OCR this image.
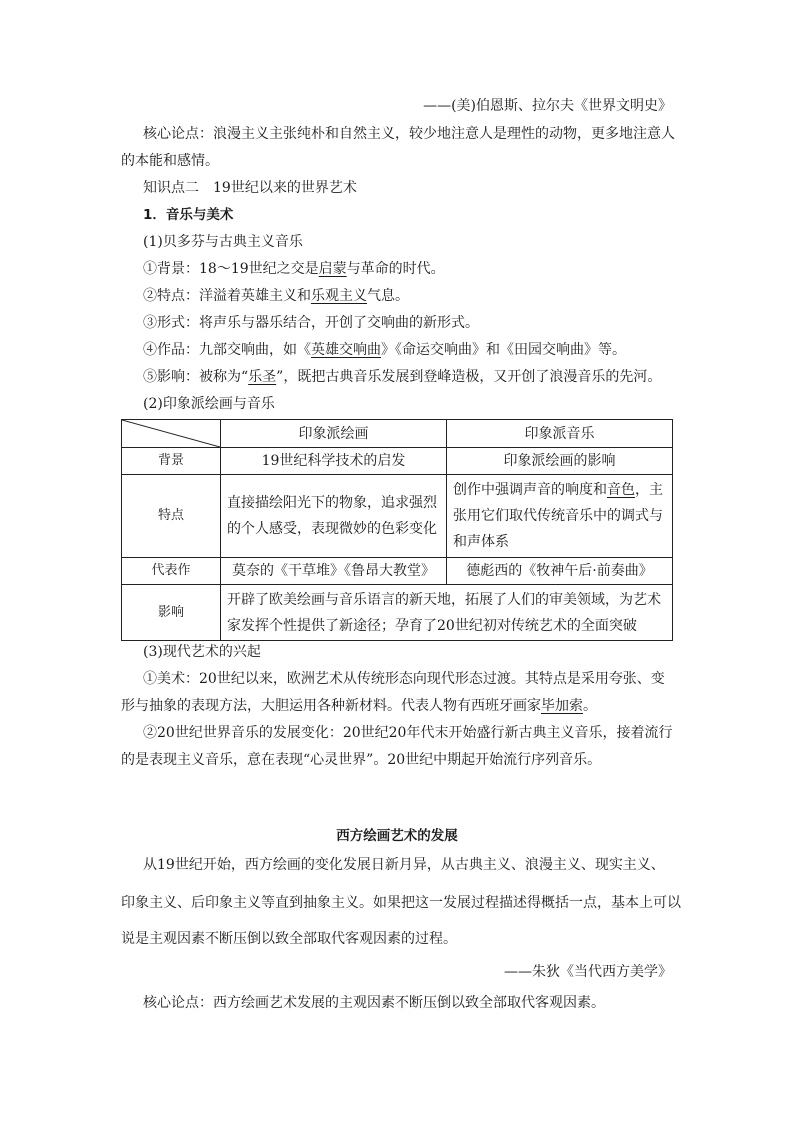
——(美)伯恩斯、拉尔夫《世界文明史》
核心论点：浪漫主义主张纯朴和自然主义，较少地注意人是理性的动物，更多地注意人
的本能和感情。
知识点二　19世纪以来的世界艺术
1．音乐与美术
(1)贝多芬与古典主义音乐
①背景：18～19世纪之交是启蒙与革命的时代。
②特点：洋溢着英雄主义和乐观主义气息。
③形式：将声乐与器乐结合，开创了交响曲的新形式。
④作品：九部交响曲，如《英雄交响曲》《命运交响曲》和《田园交响曲》等。
⑤影响：被称为“乐圣”，既把古典音乐发展到登峰造极，又开创了浪漫音乐的先河。
(2)印象派绘画与音乐
	印象派绘画	印象派音乐
背景	19世纪科学技术的启发	印象派绘画的影响
特点	直接描绘阳光下的物象，追求强烈的个人感受，表现微妙的色彩变化	创作中强调声音的响度和音色，主张用它们取代传统音乐中的调式与和声体系
代表作	莫奈的《干草堆》《鲁昂大教堂》	德彪西的《牧神午后·前奏曲》
影响	开辟了欧美绘画与音乐语言的新天地，拓展了人们的审美领域，为艺术家发挥个性提供了新途径；孕育了20世纪初对传统艺术的全面突破	
(3)现代艺术的兴起
①美术：20世纪以来，欧洲艺术从传统形态向现代形态过渡。其特点是采用夸张、变
形与抽象的表现方法，大胆运用各种新材料。代表人物有西班牙画家毕加索。
②20世纪世界音乐的发展变化：20世纪20年代末开始盛行新古典主义音乐，接着流行
的是表现主义音乐，意在表现“心灵世界”。20世纪中期起开始流行序列音乐。
西方绘画艺术的发展
从19世纪开始，西方绘画的变化发展日新月异，从古典主义、浪漫主义、现实主义、
印象主义、后印象主义等直到抽象主义。如果把这一发展过程描述得概括一点，基本上可以
说是主观因素不断压倒以致全部取代客观因素的过程。
——朱狄《当代西方美学》
核心论点：西方绘画艺术发展的主观因素不断压倒以致全部取代客观因素。
